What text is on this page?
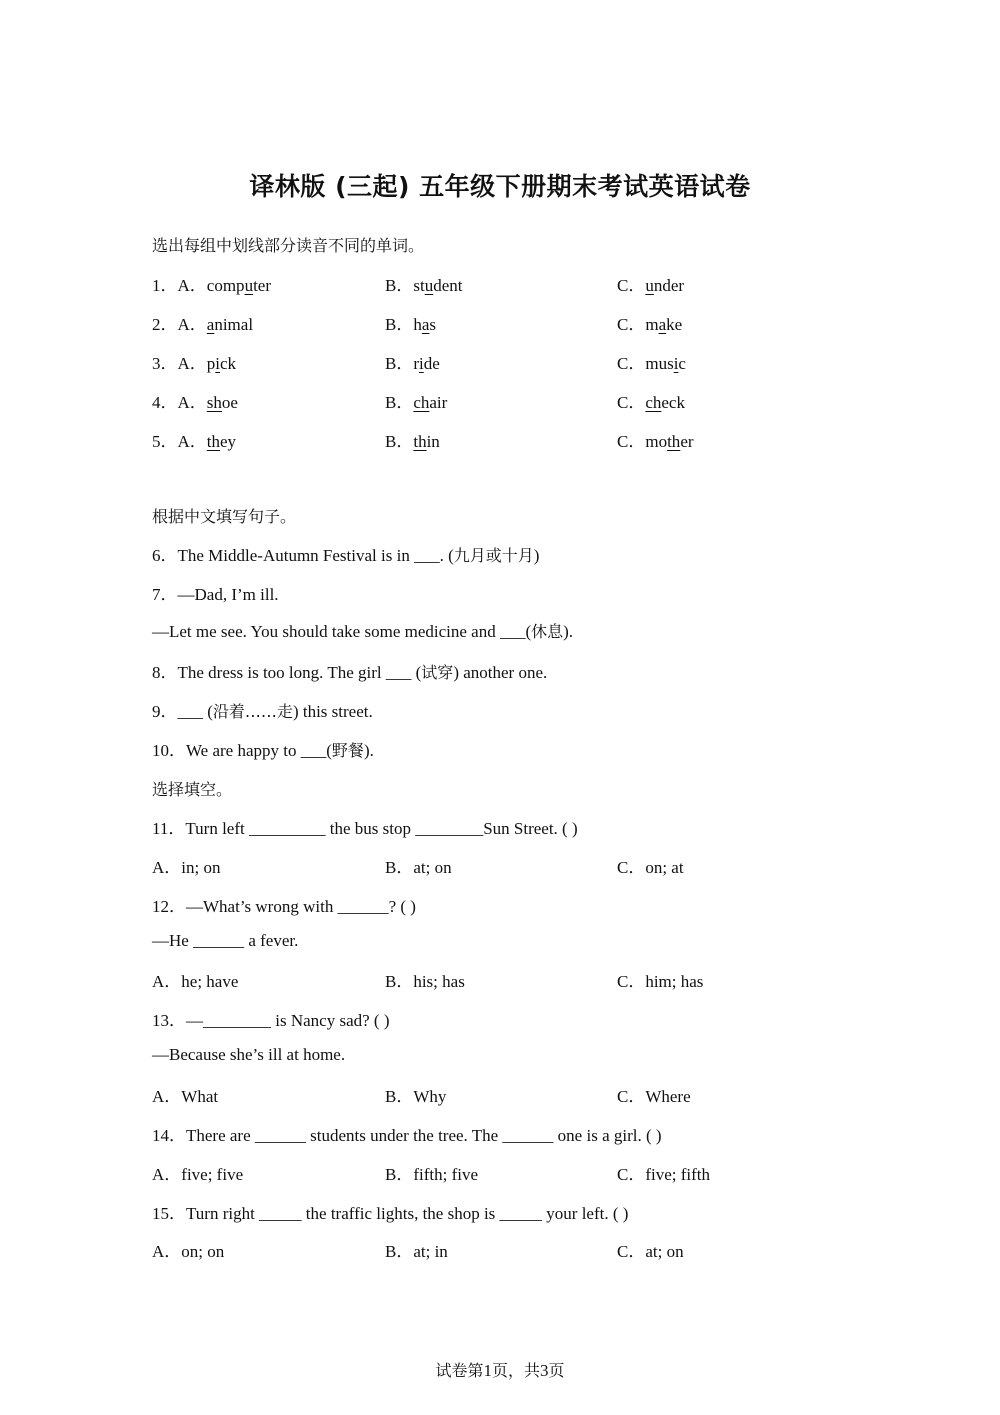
译林版 (三起) 五年级下册期末考试英语试卷
选出每组中划线部分读音不同的单词。
1．A．computer	B．student	C．under
2．A．animal	B．has	C．make
3．A．pick	B．ride	C．music
4．A．shoe	B．chair	C．check
5．A．they	B．thin	C．mother
根据中文填写句子。
6．The Middle-Autumn Festival is in ___. (九月或十月)
7．—Dad, I’m ill.
—Let me see. You should take some medicine and ___(休息).
8．The dress is too long. The girl ___ (试穿) another one.
9．___ (沿着……走) this street.
10．We are happy to ___(野餐).
选择填空。
11．Turn left _________ the bus stop ________Sun Street. ( )
A．in; on	B．at; on	C．on; at
12．—What’s wrong with ______? ( )
—He ______ a fever.
A．he; have	B．his; has	C．him; has
13．—________ is Nancy sad? ( )
—Because she’s ill at home.
A．What	B．Why	C．Where
14．There are ______ students under the tree. The ______ one is a girl. ( )
A．five; five	B．fifth; five	C．five; fifth
15．Turn right _____ the traffic lights, the shop is _____ your left. ( )
A．on; on	B．at; in	C．at; on
试卷第1页，共3页
